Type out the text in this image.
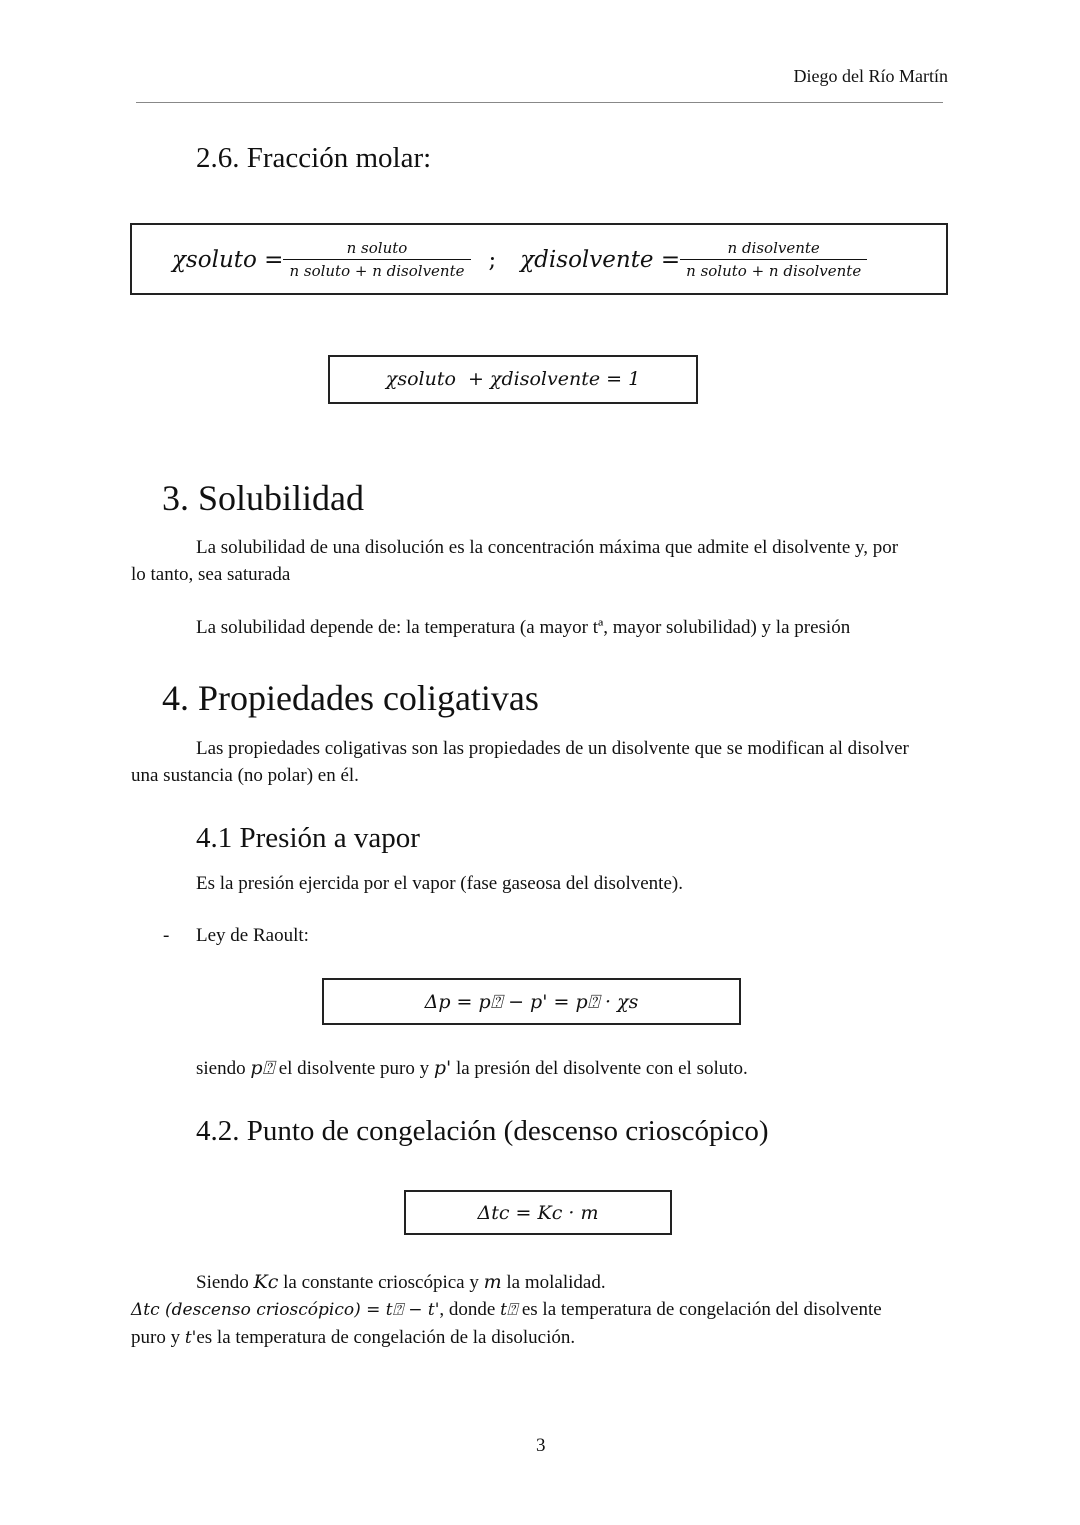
Diego del Río Martín
2.6. Fracción molar:
χsoluto = $\frac{\text{n soluto}}{\text{n soluto + n disolvente}}$ ; χdisolvente = $\frac{\text{n disolvente}}{\text{n soluto + n disolvente}}$
χsoluto  + χdisolvente = 1
3. Solubilidad
La solubilidad de una disolución es la concentración máxima que admite el disolvente y, por
lo tanto, sea saturada
La solubilidad depende de: la temperatura (a mayor tª, mayor solubilidad) y la presión
4. Propiedades coligativas
Las propiedades coligativas son las propiedades de un disolvente que se modifican al disolver
una sustancia (no polar) en él.
4.1 Presión a vapor
Es la presión ejercida por el vapor (fase gaseosa del disolvente).
- Ley de Raoult:
Δp = p⍰ − p' = p⍰ · χs
siendo p⍰ el disolvente puro y p' la presión del disolvente con el soluto.
4.2. Punto de congelación (descenso crioscópico)
Δtc = Kc · m
Siendo Kc la constante crioscópica y m la molalidad.
Δtc (descenso crioscópico) = t⍰ − t', donde t⍰ es la temperatura de congelación del disolvente
puro y t'es la temperatura de congelación de la disolución.
3
